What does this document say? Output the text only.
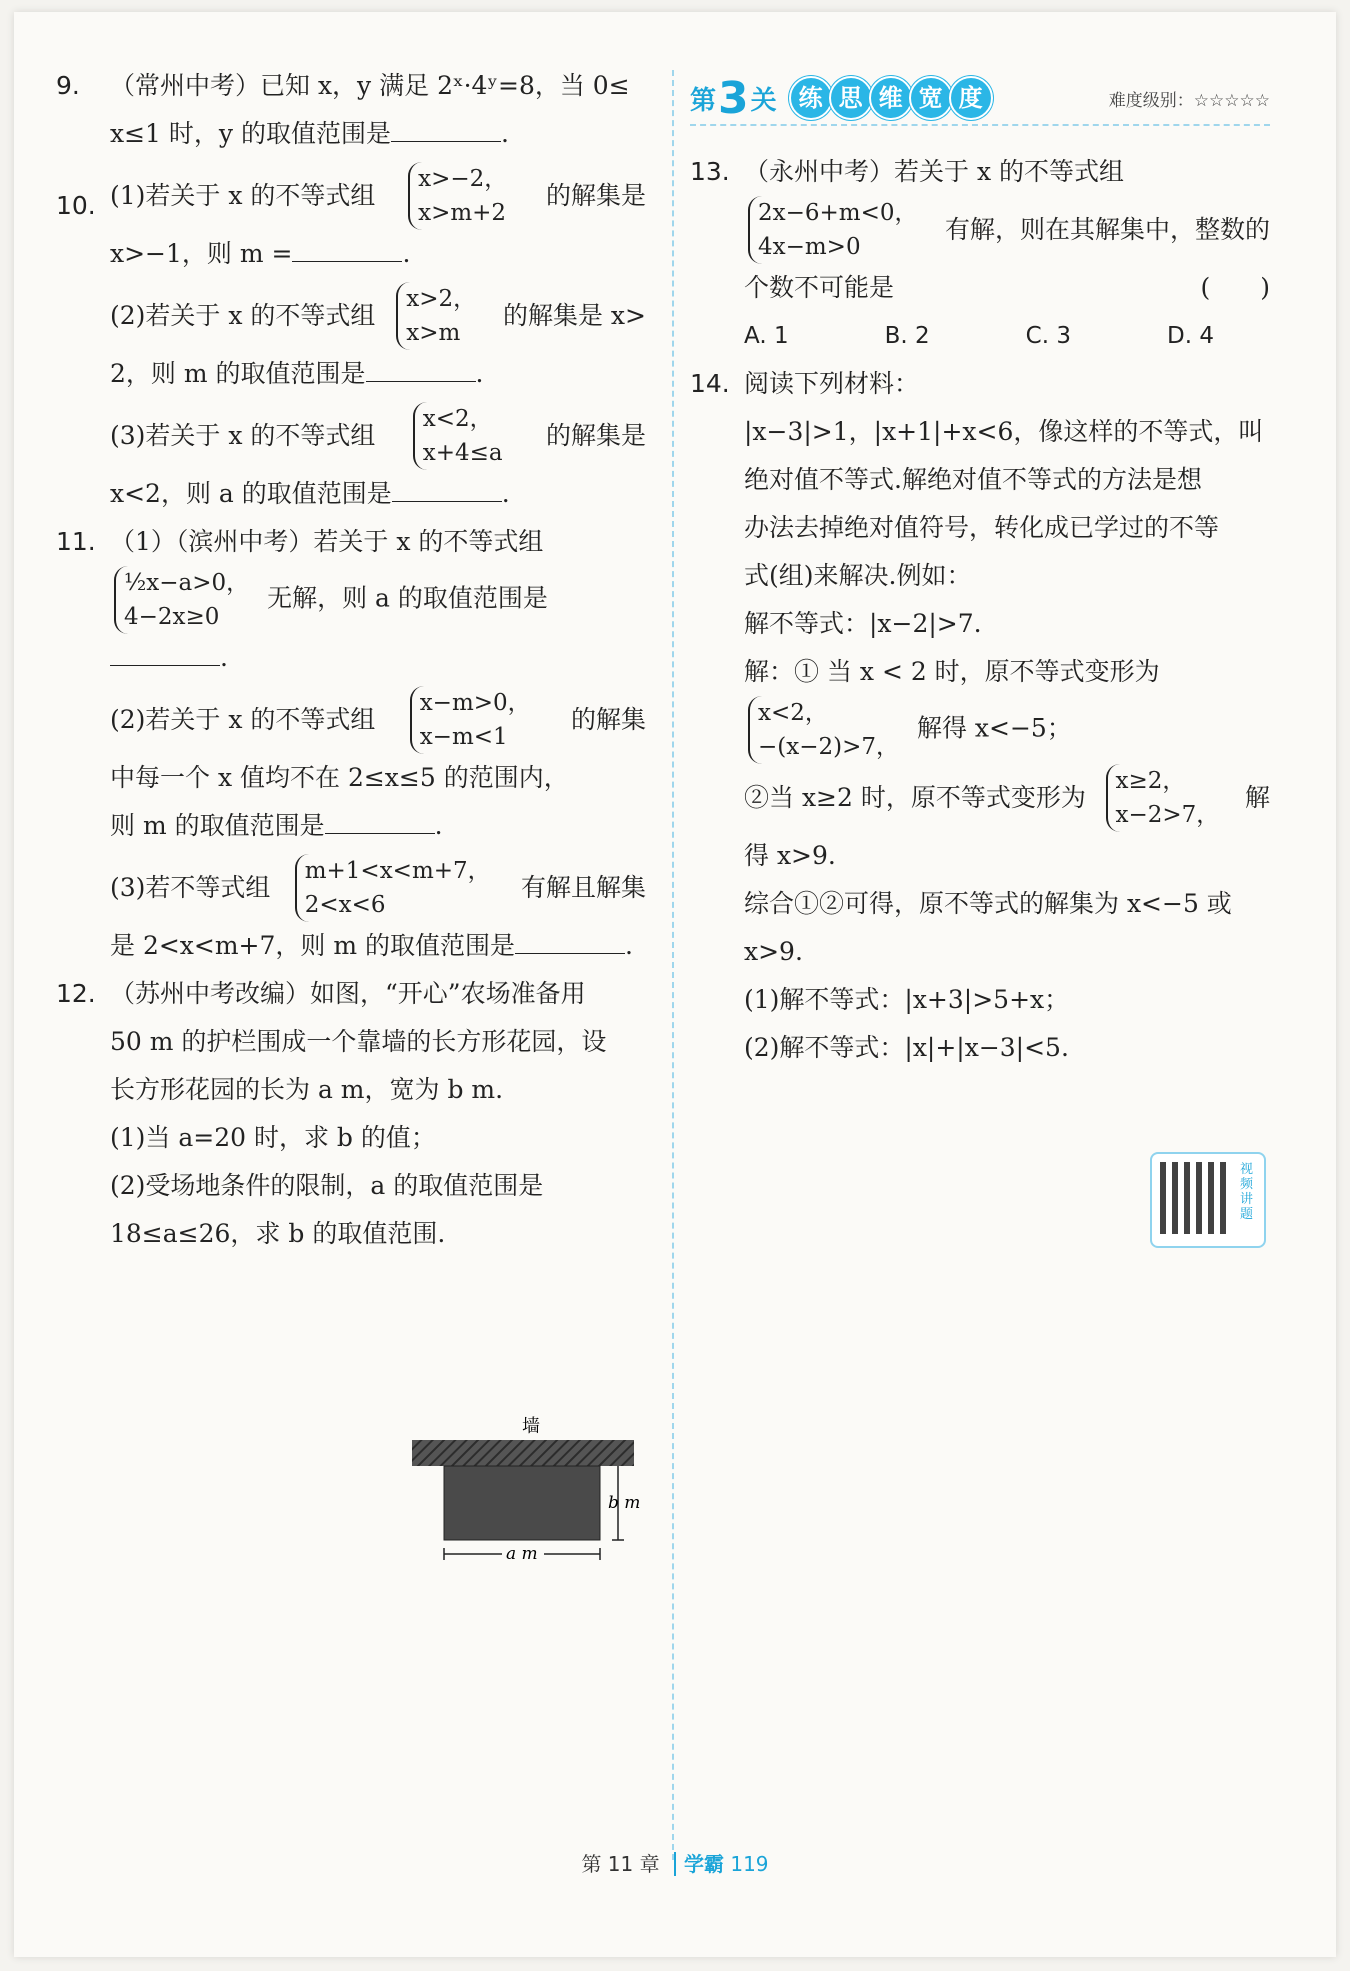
9. （常州中考）已知 x，y 满足 2ˣ·4ʸ=8，当 0≤
x≤1 时，y 的取值范围是	.
10. (1)若关于 x 的不等式组
x>−2，
x>m+2
的解集是
x>−1，则 m =	.
(2)若关于 x 的不等式组
x>2，
x>m
的解集是 x>
2，则 m 的取值范围是	.
(3)若关于 x 的不等式组
x<2，
x+4≤a
的解集是
x<2，则 a 的取值范围是	.
11. （1）（滨州中考）若关于 x 的不等式组
½x−a>0，
4−2x≥0
无解，则 a 的取值范围是.
(2)若关于 x 的不等式组
x−m>0，
x−m<1
的解集
中每一个 x 值均不在 2≤x≤5 的范围内，
则 m 的取值范围是	.
(3)若不等式组
m+1<x<m+7，
2<x<6
有解且解集
是 2<x<m+7，则 m 的取值范围是	.
12. （苏州中考改编）如图，“开心”农场准备用
50 m 的护栏围成一个靠墙的长方形花园，设
长方形花园的长为 a m，宽为 b m.
(1)当 a=20 时，求 b 的值；
(2)受场地条件的限制，a 的取值范围是
18≤a≤26，求 b 的取值范围.
墙
b m
a m
第 3 关 练 思 维 宽 度	难度级别：☆☆☆☆☆
13. （永州中考）若关于 x 的不等式组
2x−6+m<0，
4x−m>0
有解，则在其解集中，整数的
个数不可能是	(　　)
A. 1	B. 2	C. 3	D. 4
14. 阅读下列材料：
|x−3|>1，|x+1|+x<6，像这样的不等式，叫
绝对值不等式.解绝对值不等式的方法是想
办法去掉绝对值符号，转化成已学过的不等
式(组)来解决.例如：
解不等式：|x−2|>7.
解：① 当 x < 2 时，原不等式变形为
x<2，
−(x−2)>7，
解得 x<−5；
②当 x≥2 时，原不等式变形为
x≥2，
x−2>7，
解
得 x>9.
综合①②可得，原不等式的解集为 x<−5 或
x>9.
(1)解不等式：|x+3|>5+x；
(2)解不等式：|x|+|x−3|<5.
视频讲题
第 11 章 学霸 119
